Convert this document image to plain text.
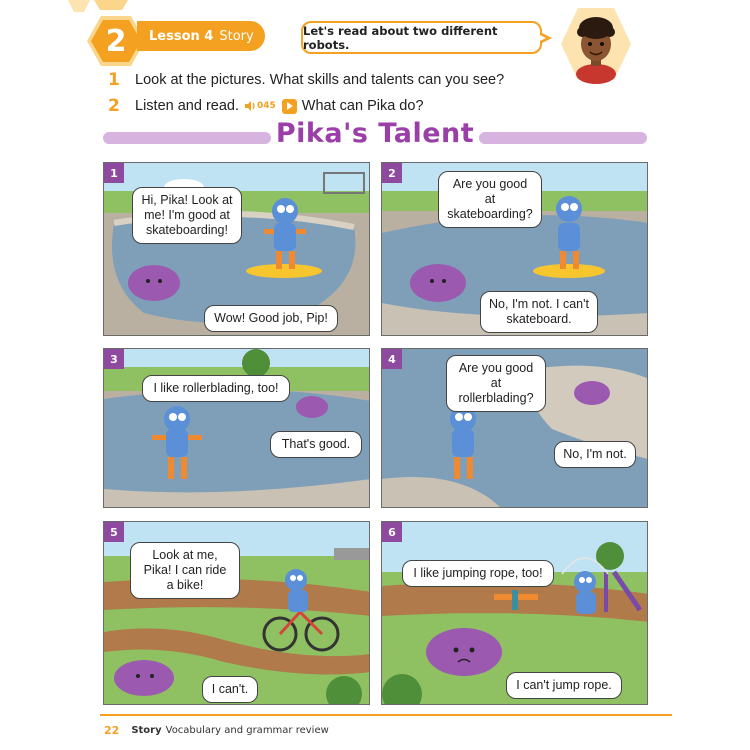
2	Lesson 4 Story	Let's read about two different robots.
1	Look at the pictures. What skills and talents can you see?
2	Listen and read. 045 What can Pika do?
Pika's Talent
1
Hi, Pika! Look at me! I'm good at skateboarding!
Wow! Good job, Pip!
2
Are you good at skateboarding?
No, I'm not. I can't skateboard.
3
I like rollerblading, too!
That's good.
4
Are you good at rollerblading?
No, I'm not.
5
Look at me, Pika! I can ride a bike!
I can't.
6
I like jumping rope, too!
I can't jump rope.
22 Story Vocabulary and grammar review
